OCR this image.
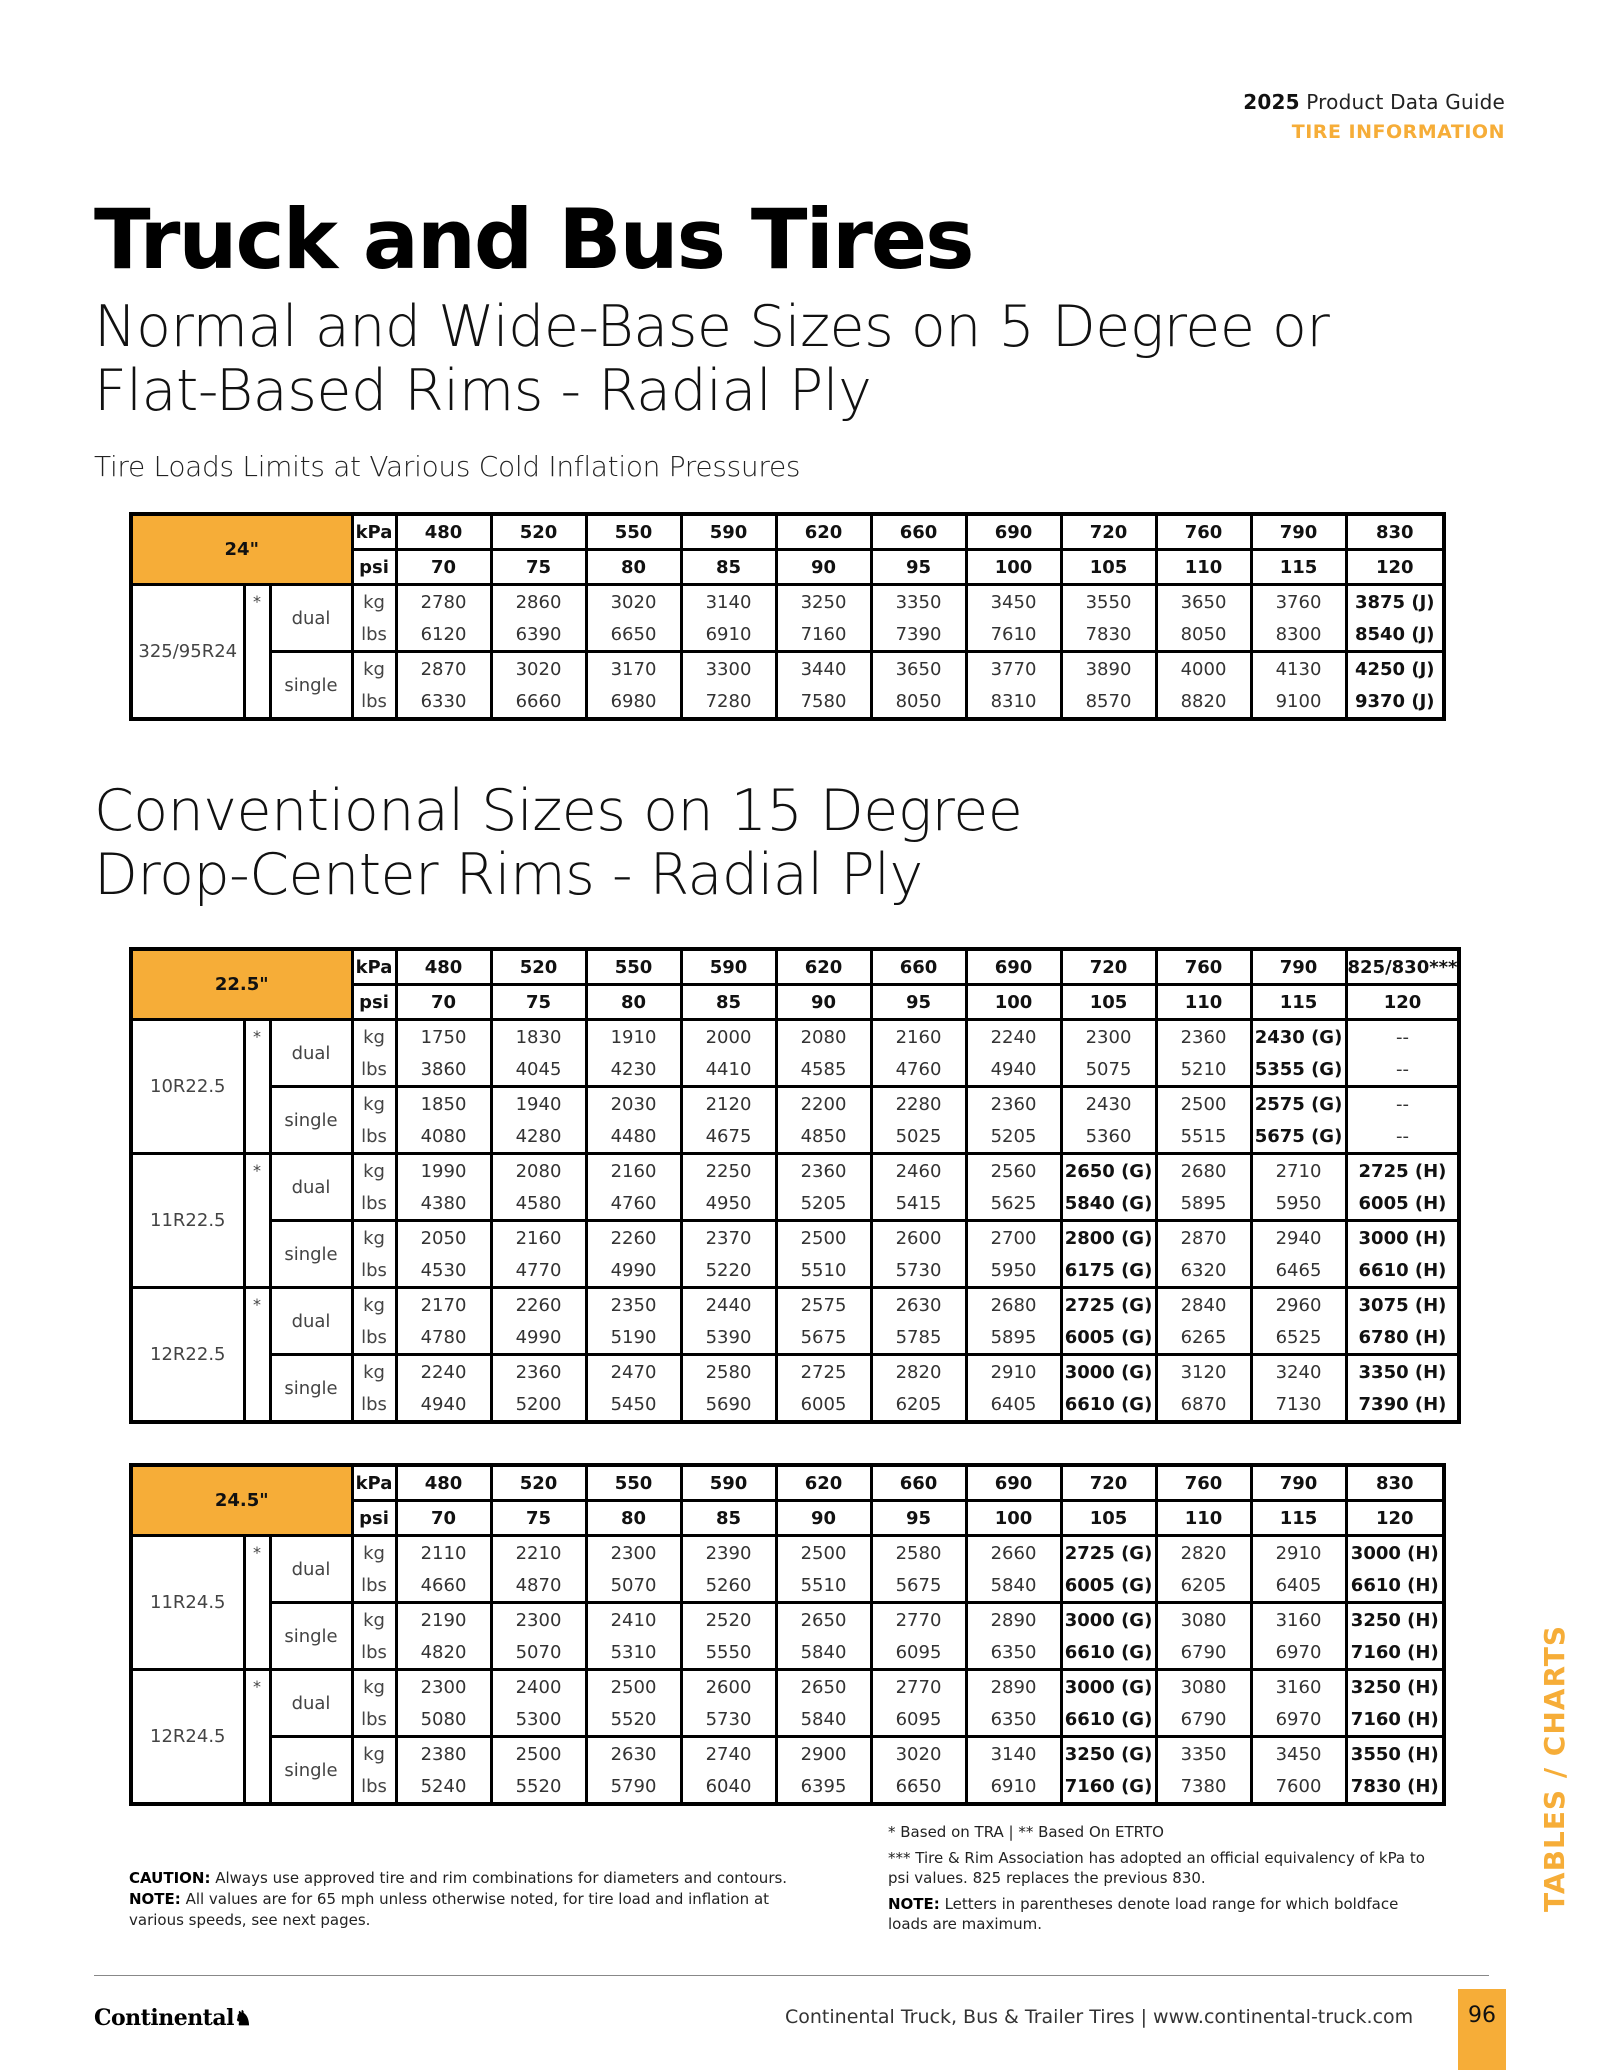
2025 Product Data Guide
TIRE INFORMATION
Truck and Bus Tires
Normal and Wide-Base Sizes on 5 Degree or
Flat-Based Rims - Radial Ply
Tire Loads Limits at Various Cold Inflation Pressures
24"			kPa	480	520	550	590	620	660	690	720	760	790	830
			psi	70	75	80	85	90	95	100	105	110	115	120
325/95R24	*	dual	kg	2780	2860	3020	3140	3250	3350	3450	3550	3650	3760	3875 (J)
			lbs	6120	6390	6650	6910	7160	7390	7610	7830	8050	8300	8540 (J)
		single	kg	2870	3020	3170	3300	3440	3650	3770	3890	4000	4130	4250 (J)
			lbs	6330	6660	6980	7280	7580	8050	8310	8570	8820	9100	9370 (J)
Conventional Sizes on 15 Degree
Drop-Center Rims - Radial Ply
22.5"			kPa	480	520	550	590	620	660	690	720	760	790	825/830***
			psi	70	75	80	85	90	95	100	105	110	115	120
10R22.5	*	dual	kg	1750	1830	1910	2000	2080	2160	2240	2300	2360	2430 (G)	--
			lbs	3860	4045	4230	4410	4585	4760	4940	5075	5210	5355 (G)	--
		single	kg	1850	1940	2030	2120	2200	2280	2360	2430	2500	2575 (G)	--
			lbs	4080	4280	4480	4675	4850	5025	5205	5360	5515	5675 (G)	--
11R22.5	*	dual	kg	1990	2080	2160	2250	2360	2460	2560	2650 (G)	2680	2710	2725 (H)
			lbs	4380	4580	4760	4950	5205	5415	5625	5840 (G)	5895	5950	6005 (H)
		single	kg	2050	2160	2260	2370	2500	2600	2700	2800 (G)	2870	2940	3000 (H)
			lbs	4530	4770	4990	5220	5510	5730	5950	6175 (G)	6320	6465	6610 (H)
12R22.5	*	dual	kg	2170	2260	2350	2440	2575	2630	2680	2725 (G)	2840	2960	3075 (H)
			lbs	4780	4990	5190	5390	5675	5785	5895	6005 (G)	6265	6525	6780 (H)
		single	kg	2240	2360	2470	2580	2725	2820	2910	3000 (G)	3120	3240	3350 (H)
			lbs	4940	5200	5450	5690	6005	6205	6405	6610 (G)	6870	7130	7390 (H)
24.5"			kPa	480	520	550	590	620	660	690	720	760	790	830
			psi	70	75	80	85	90	95	100	105	110	115	120
11R24.5	*	dual	kg	2110	2210	2300	2390	2500	2580	2660	2725 (G)	2820	2910	3000 (H)
			lbs	4660	4870	5070	5260	5510	5675	5840	6005 (G)	6205	6405	6610 (H)
		single	kg	2190	2300	2410	2520	2650	2770	2890	3000 (G)	3080	3160	3250 (H)
			lbs	4820	5070	5310	5550	5840	6095	6350	6610 (G)	6790	6970	7160 (H)
12R24.5	*	dual	kg	2300	2400	2500	2600	2650	2770	2890	3000 (G)	3080	3160	3250 (H)
			lbs	5080	5300	5520	5730	5840	6095	6350	6610 (G)	6790	6970	7160 (H)
		single	kg	2380	2500	2630	2740	2900	3020	3140	3250 (G)	3350	3450	3550 (H)
			lbs	5240	5520	5790	6040	6395	6650	6910	7160 (G)	7380	7600	7830 (H)
CAUTION: Always use approved tire and rim combinations for diameters and contours.
NOTE: All values are for 65 mph unless otherwise noted, for tire load and inflation at various speeds, see next pages.

* Based on TRA | ** Based On ETRTO

*** Tire & Rim Association has adopted an official equivalency of kPa to psi values. 825 replaces the previous 830.

NOTE: Letters in parentheses denote load range for which boldface loads are maximum.

TABLES / CHARTS
Continental♞	Continental Truck, Bus & Trailer Tires | www.continental-truck.com	96
